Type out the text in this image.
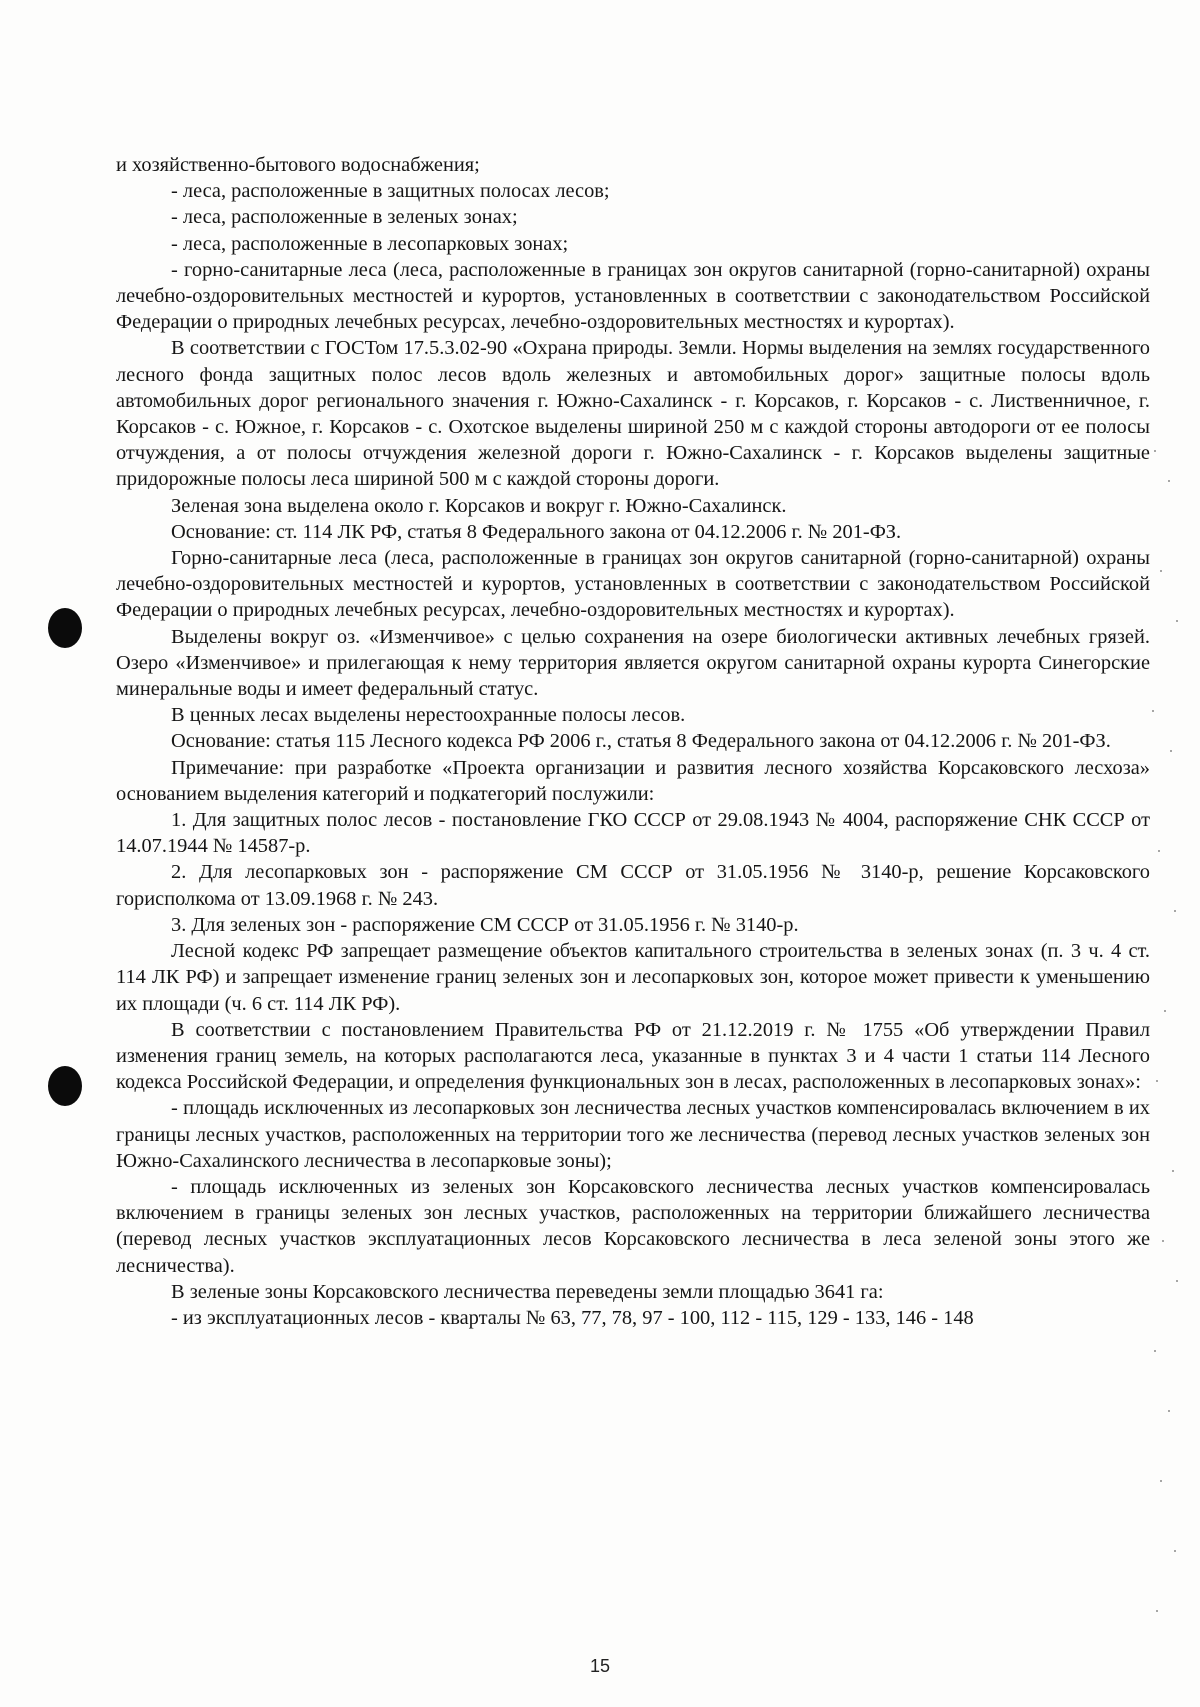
и хозяйственно-бытового водоснабжения;

- леса, расположенные в защитных полосах лесов;

- леса, расположенные в зеленых зонах;

- леса, расположенные в лесопарковых зонах;

- горно-санитарные леса (леса, расположенные в границах зон округов санитарной (горно-санитарной) охраны лечебно-оздоровительных местностей и курортов, установленных в соответствии с законодательством Российской Федерации о природных лечебных ресурсах, лечебно-оздоровительных местностях и курортах).

В соответствии с ГОСТом 17.5.3.02-90 «Охрана природы. Земли. Нормы выделения на землях государственного лесного фонда защитных полос лесов вдоль железных и автомобильных дорог» защитные полосы вдоль автомобильных дорог регионального значения г. Южно-Сахалинск - г. Корсаков, г. Корсаков - с. Лиственничное, г. Корсаков - с. Южное, г. Корсаков - с. Охотское выделены шириной 250 м с каждой стороны автодороги от ее полосы отчуждения, а от полосы отчуждения железной дороги г. Южно-Сахалинск - г. Корсаков выделены защитные придорожные полосы леса шириной 500 м с каждой стороны дороги.

Зеленая зона выделена около г. Корсаков и вокруг г. Южно-Сахалинск.

Основание: ст. 114 ЛК РФ, статья 8 Федерального закона от 04.12.2006 г. № 201-ФЗ.

Горно-санитарные леса (леса, расположенные в границах зон округов санитарной (горно-санитарной) охраны лечебно-оздоровительных местностей и курортов, установленных в соответствии с законодательством Российской Федерации о природных лечебных ресурсах, лечебно-оздоровительных местностях и курортах).

Выделены вокруг оз. «Изменчивое» с целью сохранения на озере биологически активных лечебных грязей. Озеро «Изменчивое» и прилегающая к нему территория является округом санитарной охраны курорта Синегорские минеральные воды и имеет федеральный статус.

В ценных лесах выделены нерестоохранные полосы лесов.

Основание: статья 115 Лесного кодекса РФ 2006 г., статья 8 Федерального закона от 04.12.2006 г. № 201-ФЗ.

Примечание: при разработке «Проекта организации и развития лесного хозяйства Корсаковского лесхоза» основанием выделения категорий и подкатегорий послужили:

1. Для защитных полос лесов - постановление ГКО СССР от 29.08.1943 № 4004, распоряжение СНК СССР от 14.07.1944 № 14587-р.

2. Для лесопарковых зон - распоряжение СМ СССР от 31.05.1956 № 3140-р, решение Корсаковского горисполкома от 13.09.1968 г. № 243.

3. Для зеленых зон - распоряжение СМ СССР от 31.05.1956 г. № 3140-р.

Лесной кодекс РФ запрещает размещение объектов капитального строительства в зеленых зонах (п. 3 ч. 4 ст. 114 ЛК РФ) и запрещает изменение границ зеленых зон и лесопарковых зон, которое может привести к уменьшению их площади (ч. 6 ст. 114 ЛК РФ).

В соответствии с постановлением Правительства РФ от 21.12.2019 г. № 1755 «Об утверждении Правил изменения границ земель, на которых располагаются леса, указанные в пунктах 3 и 4 части 1 статьи 114 Лесного кодекса Российской Федерации, и определения функциональных зон в лесах, расположенных в лесопарковых зонах»:

- площадь исключенных из лесопарковых зон лесничества лесных участков компенсировалась включением в их границы лесных участков, расположенных на территории того же лесничества (перевод лесных участков зеленых зон Южно-Сахалинского лесничества в лесопарковые зоны);

- площадь исключенных из зеленых зон Корсаковского лесничества лесных участков компенсировалась включением в границы зеленых зон лесных участков, расположенных на территории ближайшего лесничества (перевод лесных участков эксплуатационных лесов Корсаковского лесничества в леса зеленой зоны этого же лесничества).

В зеленые зоны Корсаковского лесничества переведены земли площадью 3641 га:

- из эксплуатационных лесов - кварталы № 63, 77, 78, 97 - 100, 112 - 115, 129 - 133, 146 - 148

15
